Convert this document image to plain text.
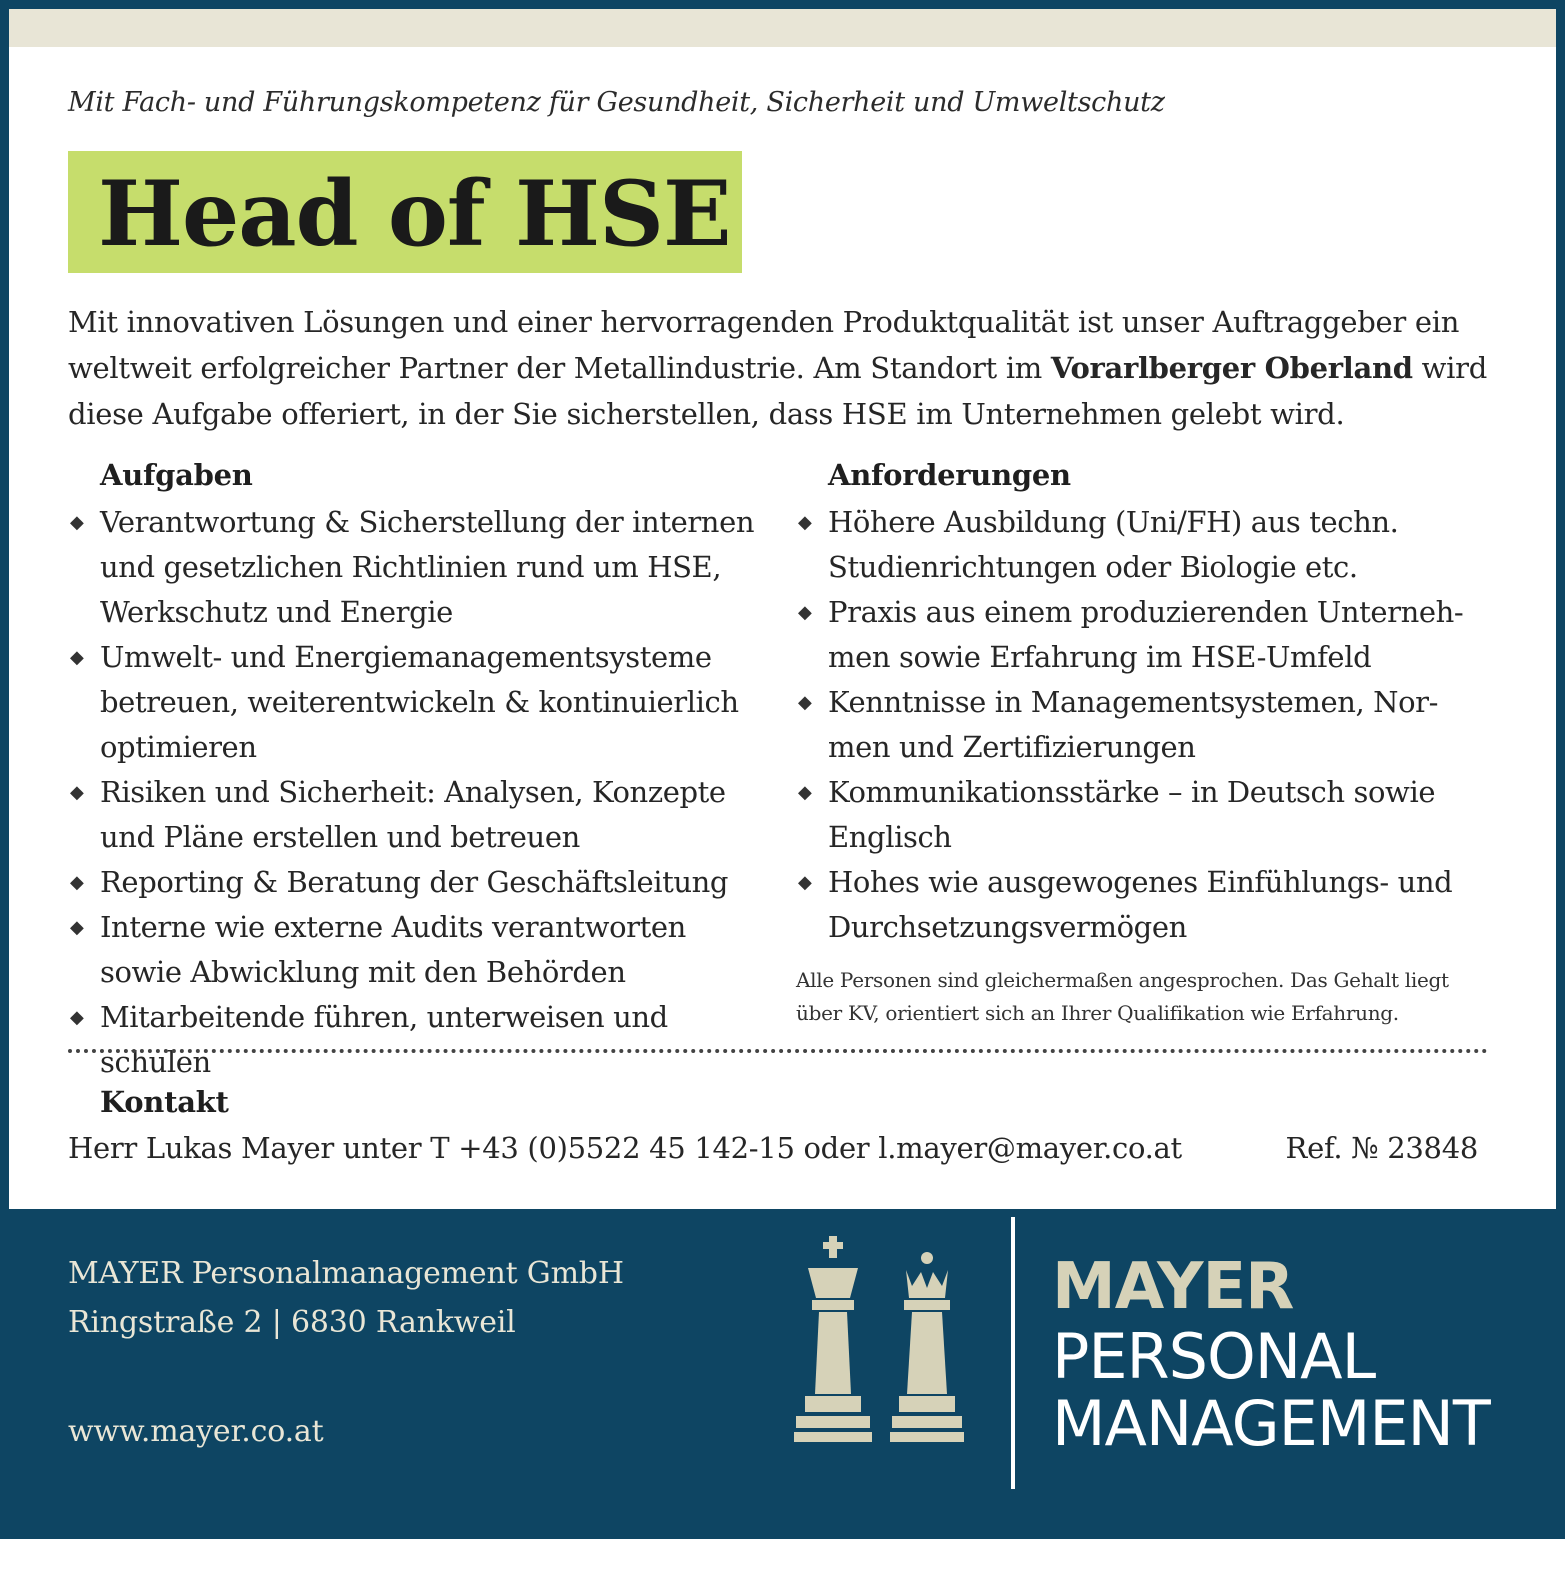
Mit Fach- und Führungskompetenz für Gesundheit, Sicherheit und Umweltschutz
Head of HSE
Mit innovativen Lösungen und einer hervorragenden Produktqualität ist unser Auftraggeber ein weltweit erfolgreicher Partner der Metallindustrie. Am Standort im Vorarlberger Oberland wird diese Aufgabe offeriert, in der Sie sicherstellen, dass HSE im Unternehmen gelebt wird.
Aufgaben
◆ Verantwortung & Sicherstellung der internen und gesetzlichen Richtlinien rund um HSE, Werkschutz und Energie
◆ Umwelt- und Energiemanagementsysteme betreuen, weiterentwickeln & kontinuierlich optimieren
◆ Risiken und Sicherheit: Analysen, Konzepte und Pläne erstellen und betreuen
◆ Reporting & Beratung der Geschäftsleitung
◆ Interne wie externe Audits verantworten sowie Abwicklung mit den Behörden
◆ Mitarbeitende führen, unterweisen und schulen
Anforderungen
◆ Höhere Ausbildung (Uni/FH) aus techn. Studienrichtungen oder Biologie etc.
◆ Praxis aus einem produzierenden Unterneh-men sowie Erfahrung im HSE-Umfeld
◆ Kenntnisse in Managementsystemen, Nor-men und Zertifizierungen
◆ Kommunikationsstärke – in Deutsch sowie Englisch
◆ Hohes wie ausgewogenes Einfühlungs- und Durchsetzungsvermögen
Alle Personen sind gleichermaßen angesprochen. Das Gehalt liegt über KV, orientiert sich an Ihrer Qualifikation wie Erfahrung.
Kontakt
Herr Lukas Mayer unter T +43 (0)5522 45 142-15 oder l.mayer@mayer.co.at	Ref. № 23848
MAYER Personalmanagement GmbH
Ringstraße 2 | 6830 Rankweil
www.mayer.co.at
MAYER
PERSONAL
MANAGEMENT
